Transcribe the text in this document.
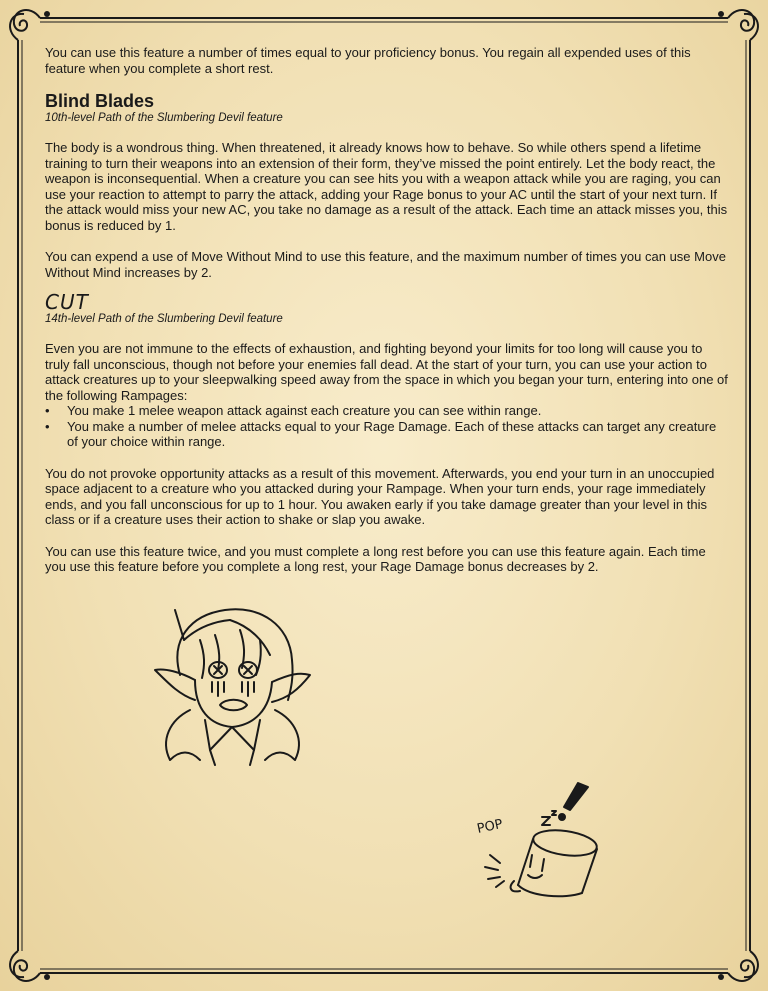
You can use this feature a number of times equal to your proficiency bonus. You regain all expended uses of this feature when you complete a short rest.

Blind Blades
10th-level Path of the Slumbering Devil feature

The body is a wondrous thing. When threatened, it already knows how to behave. So while others spend a lifetime training to turn their weapons into an extension of their form, they’ve missed the point entirely. Let the body react, the weapon is inconsequential. When a creature you can see hits you with a weapon attack while you are raging, you can use your reaction to attempt to parry the attack, adding your Rage bonus to your AC until the start of your next turn. If the attack would miss your new AC, you take no damage as a result of the attack. Each time an attack misses you, this bonus is reduced by 1.

You can expend a use of Move Without Mind to use this feature, and the maximum number of times you can use Move Without Mind increases by 2.

CUT
14th-level Path of the Slumbering Devil feature

Even you are not immune to the effects of exhaustion, and fighting beyond your limits for too long will cause you to truly fall unconscious, though not before your enemies fall dead. At the start of your turn, you can use your action to attack creatures up to your sleepwalking speed away from the space in which you began your turn, entering into one of the following Rampages:

• You make 1 melee weapon attack against each creature you can see within range.
• You make a number of melee attacks equal to your Rage Damage. Each of these attacks can target any creature of your choice within range.

You do not provoke opportunity attacks as a result of this movement. Afterwards, you end your turn in an unoccupied space adjacent to a creature who you attacked during your Rampage. When your turn ends, your rage immediately ends, and you fall unconscious for up to 1 hour. You awaken early if you take damage greater than your level in this class or if a creature uses their action to shake or slap you awake.

You can use this feature twice, and you must complete a long rest before you can use this feature again. Each time you use this feature before you complete a long rest, your Rage Damage bonus decreases by 2.

POP
